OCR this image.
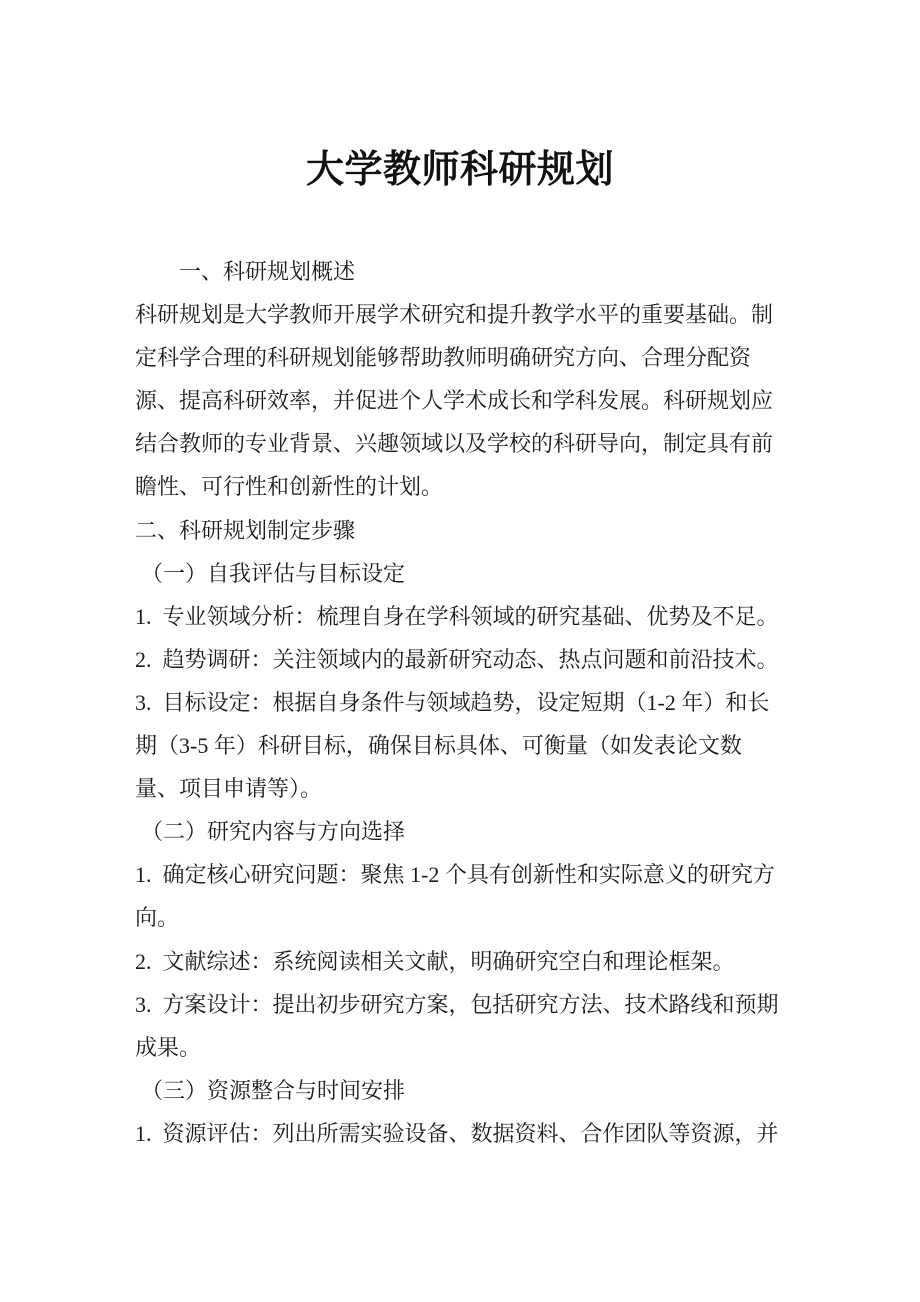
大学教师科研规划
一、科研规划概述
科研规划是大学教师开展学术研究和提升教学水平的重要基础。制
定科学合理的科研规划能够帮助教师明确研究方向、合理分配资
源、提高科研效率，并促进个人学术成长和学科发展。科研规划应
结合教师的专业背景、兴趣领域以及学校的科研导向，制定具有前
瞻性、可行性和创新性的计划。
二、科研规划制定步骤
（一）自我评估与目标设定
1.  专业领域分析：梳理自身在学科领域的研究基础、优势及不足。
2.  趋势调研：关注领域内的最新研究动态、热点问题和前沿技术。
3.  目标设定：根据自身条件与领域趋势，设定短期（1-2 年）和长
期（3-5 年）科研目标，确保目标具体、可衡量（如发表论文数
量、项目申请等）。
（二）研究内容与方向选择
1.  确定核心研究问题：聚焦 1-2 个具有创新性和实际意义的研究方
向。
2.  文献综述：系统阅读相关文献，明确研究空白和理论框架。
3.  方案设计：提出初步研究方案，包括研究方法、技术路线和预期
成果。
（三）资源整合与时间安排
1.  资源评估：列出所需实验设备、数据资料、合作团队等资源，并
